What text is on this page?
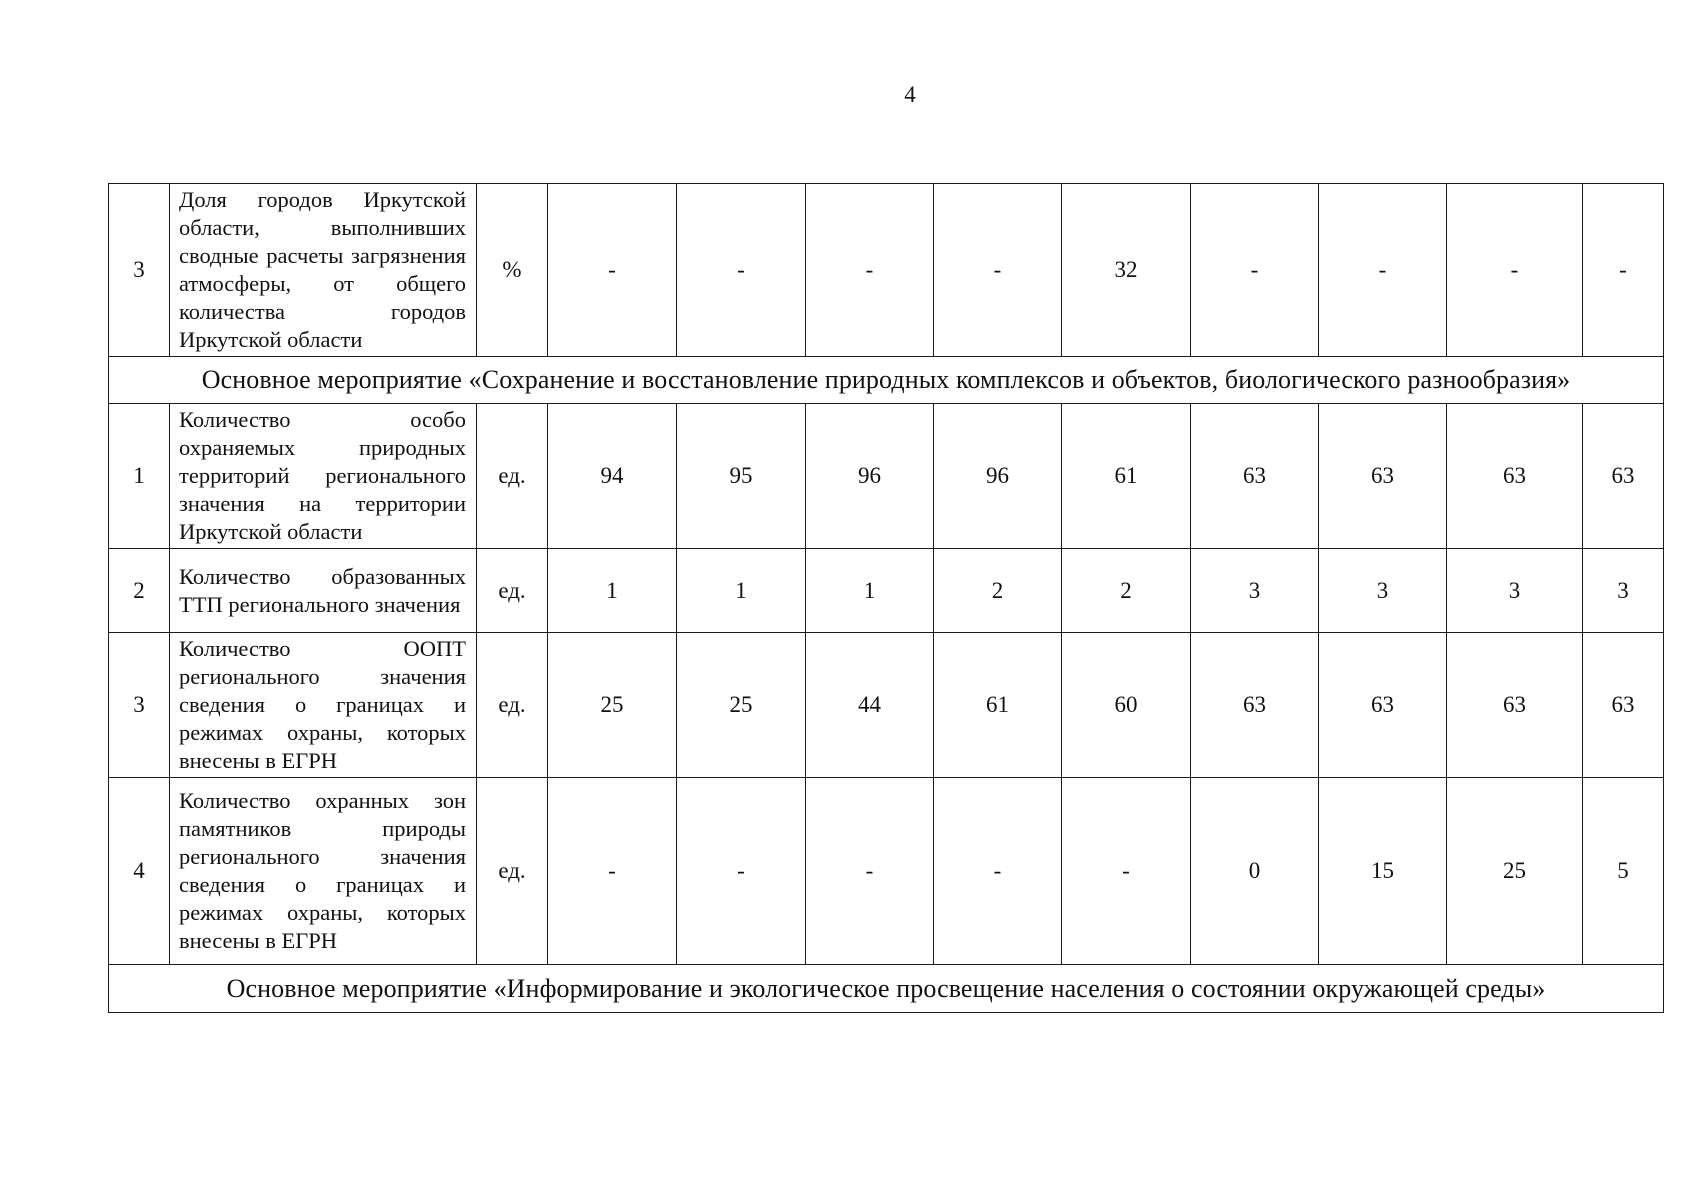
4
3	Доля городов Иркутской области, выполнивших сводные расчеты загрязнения атмосферы, от общего количества городов Иркутской области	%	-	-	-	-	32	-	-	-	-
Основное мероприятие «Сохранение и восстановление природных комплексов и объектов, биологического разнообразия»											
1	Количество особо охраняемых природных территорий регионального значения на территории Иркутской области	ед.	94	95	96	96	61	63	63	63	63
2	Количество образованных ТТП регионального значения	ед.	1	1	1	2	2	3	3	3	3
3	Количество ООПТ регионального значения сведения о границах и режимах охраны, которых внесены в ЕГРН	ед.	25	25	44	61	60	63	63	63	63
4	Количество охранных зон памятников природы регионального значения сведения о границах и режимах охраны, которых внесены в ЕГРН	ед.	-	-	-	-	-	0	15	25	5
Основное мероприятие «Информирование и экологическое просвещение населения о состоянии окружающей среды»											
